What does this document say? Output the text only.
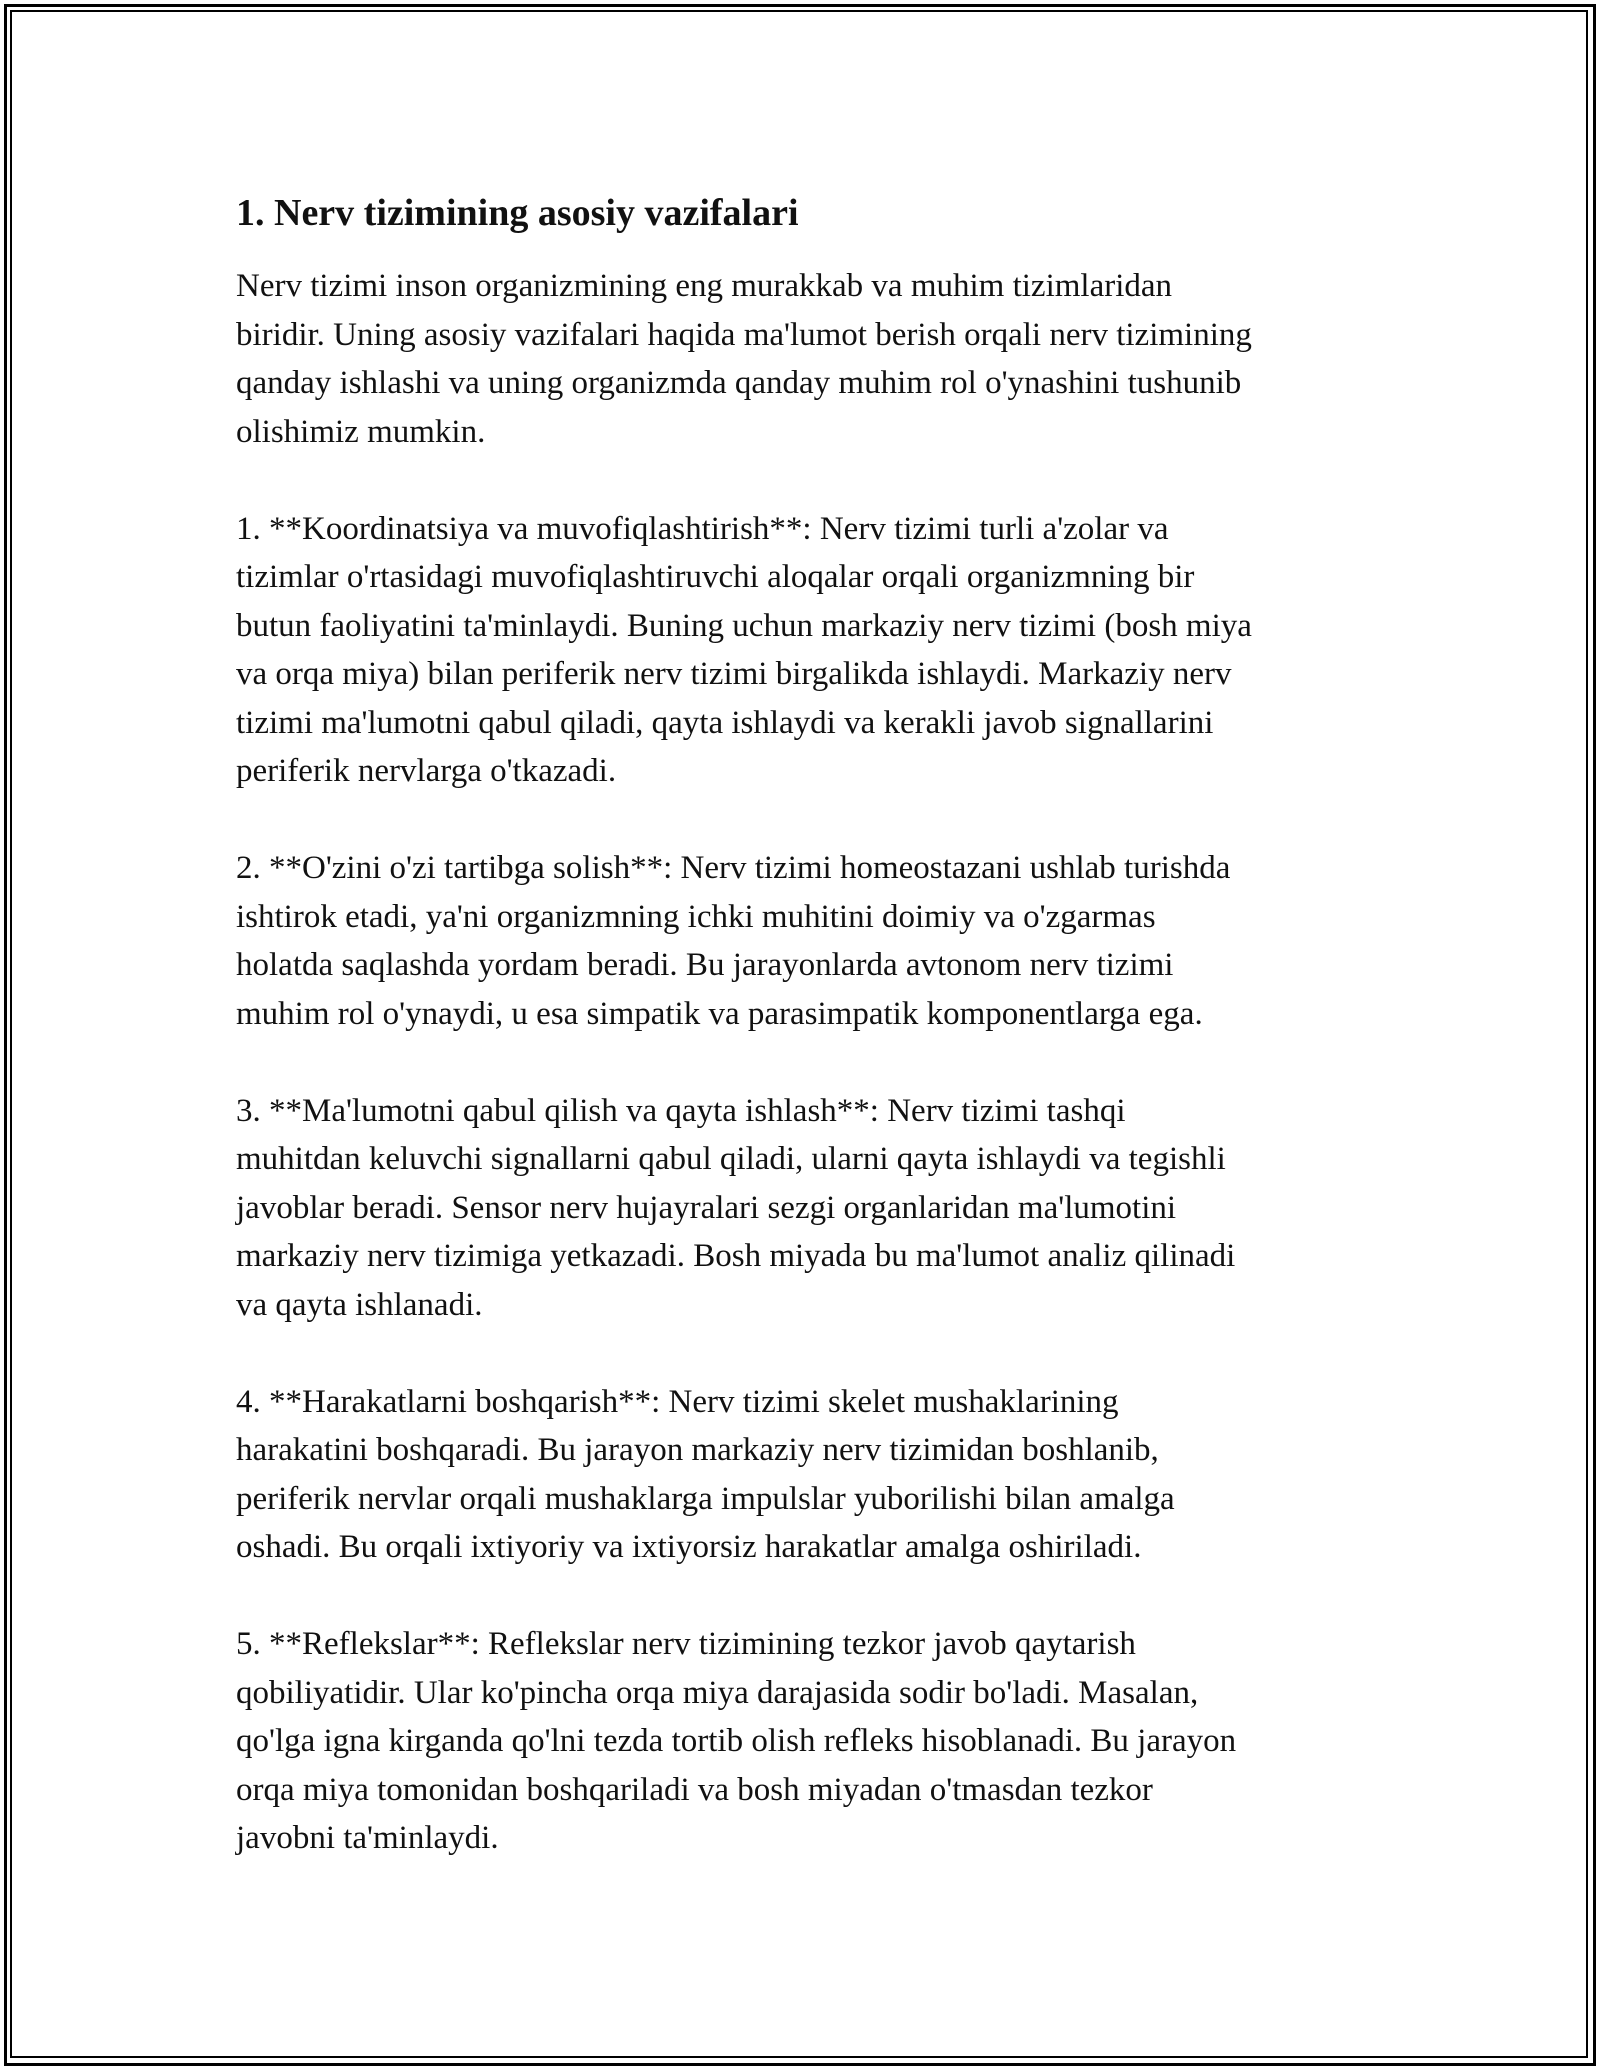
1. Nerv tizimining asosiy vazifalari
Nerv tizimi inson organizmining eng murakkab va muhim tizimlaridan
biridir. Uning asosiy vazifalari haqida ma'lumot berish orqali nerv tizimining
qanday ishlashi va uning organizmda qanday muhim rol o'ynashini tushunib
olishimiz mumkin.
1. **Koordinatsiya va muvofiqlashtirish**: Nerv tizimi turli a'zolar va
tizimlar o'rtasidagi muvofiqlashtiruvchi aloqalar orqali organizmning bir
butun faoliyatini ta'minlaydi. Buning uchun markaziy nerv tizimi (bosh miya
va orqa miya) bilan periferik nerv tizimi birgalikda ishlaydi. Markaziy nerv
tizimi ma'lumotni qabul qiladi, qayta ishlaydi va kerakli javob signallarini
periferik nervlarga o'tkazadi.
2. **O'zini o'zi tartibga solish**: Nerv tizimi homeostazani ushlab turishda
ishtirok etadi, ya'ni organizmning ichki muhitini doimiy va o'zgarmas
holatda saqlashda yordam beradi. Bu jarayonlarda avtonom nerv tizimi
muhim rol o'ynaydi, u esa simpatik va parasimpatik komponentlarga ega.
3. **Ma'lumotni qabul qilish va qayta ishlash**: Nerv tizimi tashqi
muhitdan keluvchi signallarni qabul qiladi, ularni qayta ishlaydi va tegishli
javoblar beradi. Sensor nerv hujayralari sezgi organlaridan ma'lumotini
markaziy nerv tizimiga yetkazadi. Bosh miyada bu ma'lumot analiz qilinadi
va qayta ishlanadi.
4. **Harakatlarni boshqarish**: Nerv tizimi skelet mushaklarining
harakatini boshqaradi. Bu jarayon markaziy nerv tizimidan boshlanib,
periferik nervlar orqali mushaklarga impulslar yuborilishi bilan amalga
oshadi. Bu orqali ixtiyoriy va ixtiyorsiz harakatlar amalga oshiriladi.
5. **Reflekslar**: Reflekslar nerv tizimining tezkor javob qaytarish
qobiliyatidir. Ular ko'pincha orqa miya darajasida sodir bo'ladi. Masalan,
qo'lga igna kirganda qo'lni tezda tortib olish refleks hisoblanadi. Bu jarayon
orqa miya tomonidan boshqariladi va bosh miyadan o'tmasdan tezkor
javobni ta'minlaydi.
